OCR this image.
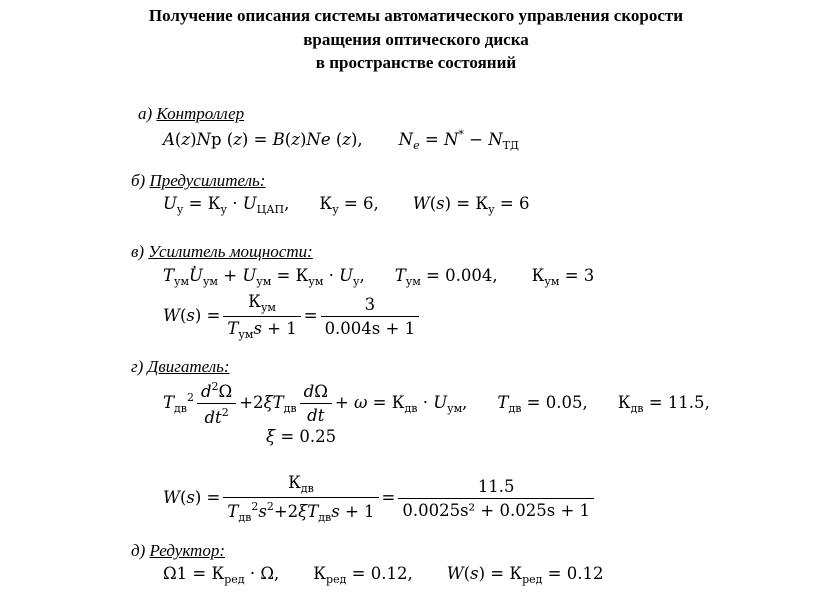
Получение описания системы автоматического управления скорости
вращения оптического диска
в пространстве состояний
а) Контроллер
A(z)Np (z) = B(z)Ne (z), $N_e = N^* - N_{ТД}$
б) Предусилитель:
$U_у = К_у \cdot U_{ЦАП}$, $К_у = 6$, $W(s) = К_у = 6$
в) Усилитель мощности:
$T_{ум}$. $U_{ум} + U_{ум} = К_{ум} \cdot U_у$, $T_{ум} = 0.004$, $К_{ум} = 3$
$W(s) = \frac{К_{ум}}{T_{ум}s + 1} = \frac{3}{0.004s + 1}$
г) Двигатель:
$T_{дв}^2 \frac{d^2\Omega}{dt^2} +2\xi T_{дв} \frac{d\Omega}{dt} + \omega = К_{дв} \cdot U_{ум}$, $T_{дв} = 0.05$, $К_{дв} = 11.5$,
ξ = 0.25
$W(s) = \frac{К_{дв}}{T_{дв}^2s^2+2\xi T_{дв}s + 1} = \frac{11.5}{\text{0.0025s² + 0.025s + 1}}$
д) Редуктор:
$\Omega 1 = К_{ред} \cdot \Omega$, $К_{ред} = 0.12$, $W(s) = К_{ред} = 0.12$
